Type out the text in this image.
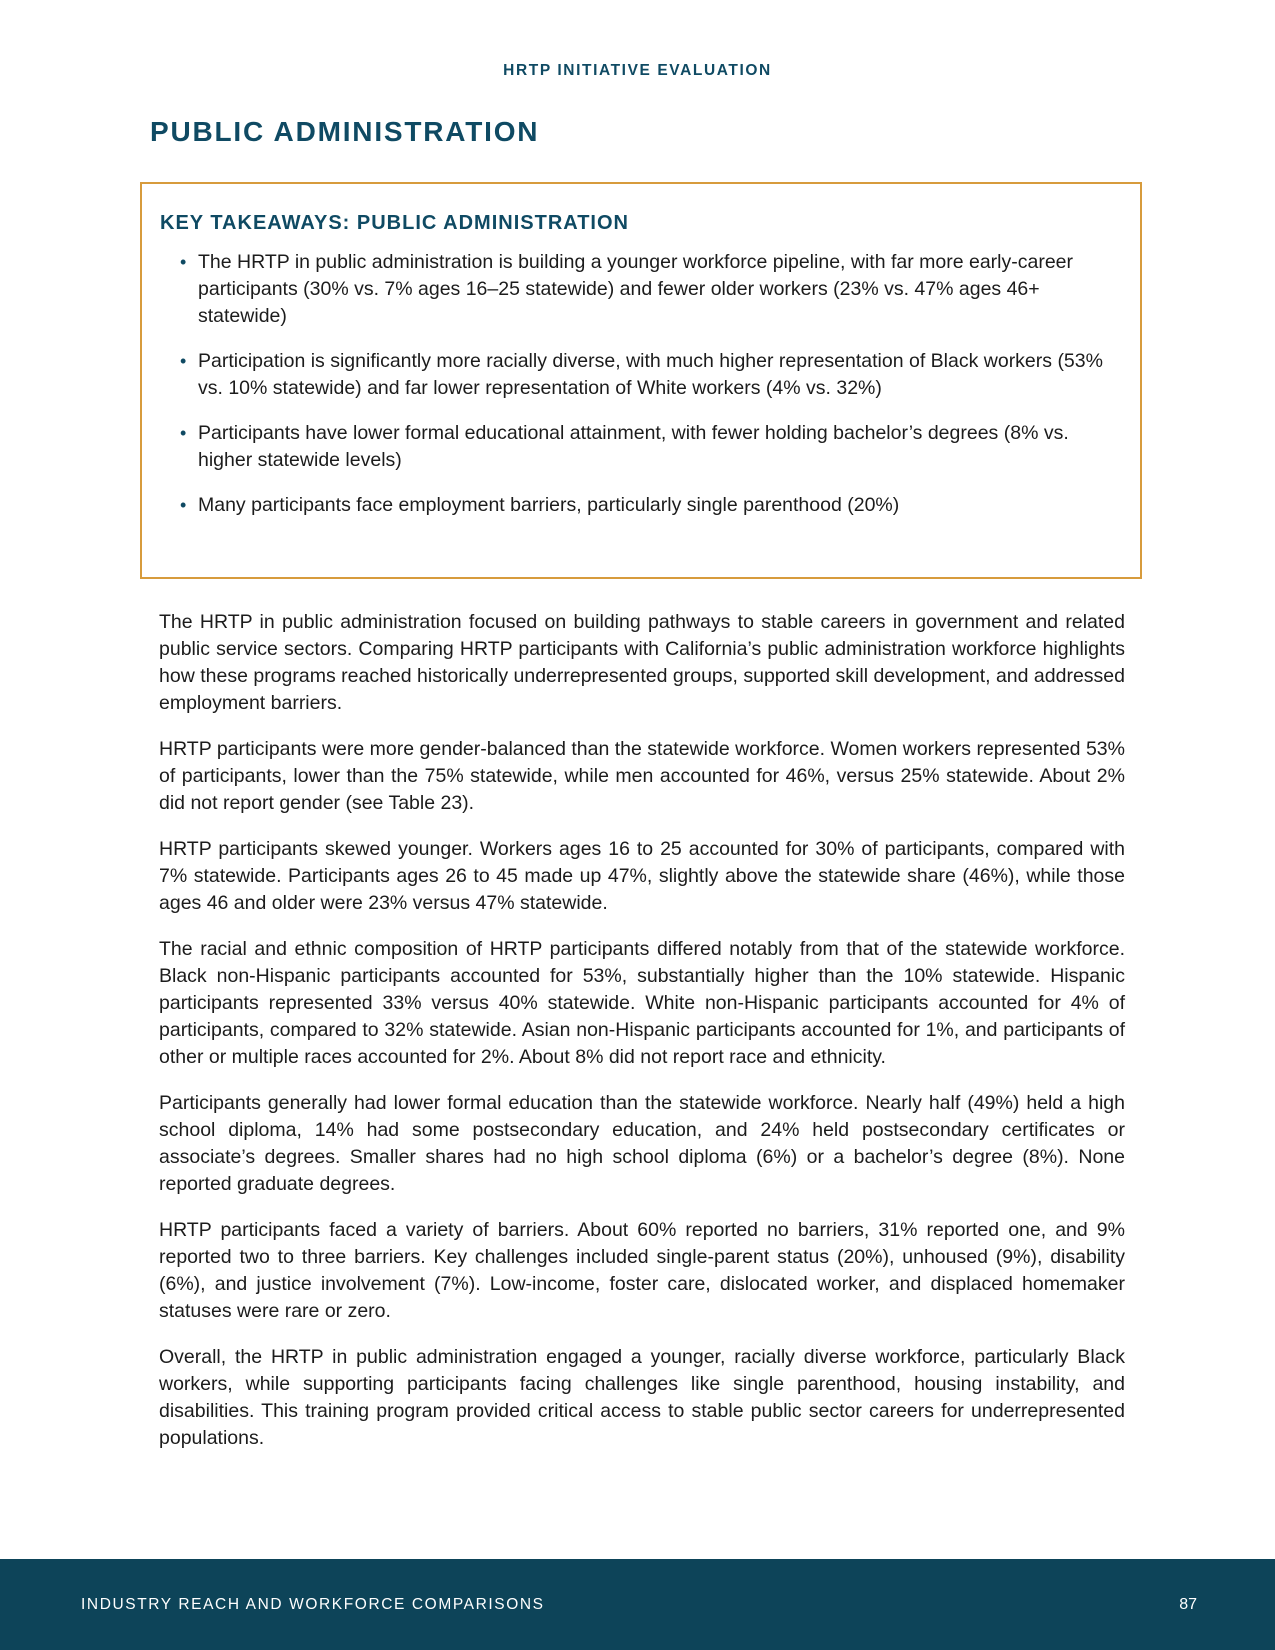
HRTP INITIATIVE EVALUATION
PUBLIC ADMINISTRATION
KEY TAKEAWAYS: PUBLIC ADMINISTRATION
• The HRTP in public administration is building a younger workforce pipeline, with far more early-career participants (30% vs. 7% ages 16–25 statewide) and fewer older workers (23% vs. 47% ages 46+ statewide)
• Participation is significantly more racially diverse, with much higher representation of Black workers (53% vs. 10% statewide) and far lower representation of White workers (4% vs. 32%)
• Participants have lower formal educational attainment, with fewer holding bachelor’s degrees (8% vs. higher statewide levels)
• Many participants face employment barriers, particularly single parenthood (20%)

The HRTP in public administration focused on building pathways to stable careers in government and related public service sectors. Comparing HRTP participants with California’s public administration workforce highlights how these programs reached historically underrepresented groups, supported skill development, and addressed employment barriers.

HRTP participants were more gender-balanced than the statewide workforce. Women workers represented 53% of participants, lower than the 75% statewide, while men accounted for 46%, versus 25% statewide. About 2% did not report gender (see Table 23).

HRTP participants skewed younger. Workers ages 16 to 25 accounted for 30% of participants, compared with 7% statewide. Participants ages 26 to 45 made up 47%, slightly above the statewide share (46%), while those ages 46 and older were 23% versus 47% statewide.

The racial and ethnic composition of HRTP participants differed notably from that of the statewide workforce. Black non-Hispanic participants accounted for 53%, substantially higher than the 10% statewide. Hispanic participants represented 33% versus 40% statewide. White non-Hispanic participants accounted for 4% of participants, compared to 32% statewide. Asian non-Hispanic participants accounted for 1%, and participants of other or multiple races accounted for 2%. About 8% did not report race and ethnicity.

Participants generally had lower formal education than the statewide workforce. Nearly half (49%) held a high school diploma, 14% had some postsecondary education, and 24% held postsecondary certificates or associate’s degrees. Smaller shares had no high school diploma (6%) or a bachelor’s degree (8%). None reported graduate degrees.

HRTP participants faced a variety of barriers. About 60% reported no barriers, 31% reported one, and 9% reported two to three barriers. Key challenges included single-parent status (20%), unhoused (9%), disability (6%), and justice involvement (7%). Low-income, foster care, dislocated worker, and displaced homemaker statuses were rare or zero.

Overall, the HRTP in public administration engaged a younger, racially diverse workforce, particularly Black workers, while supporting participants facing challenges like single parenthood, housing instability, and disabilities. This training program provided critical access to stable public sector careers for underrepresented populations.

INDUSTRY REACH AND WORKFORCE COMPARISONS	87
